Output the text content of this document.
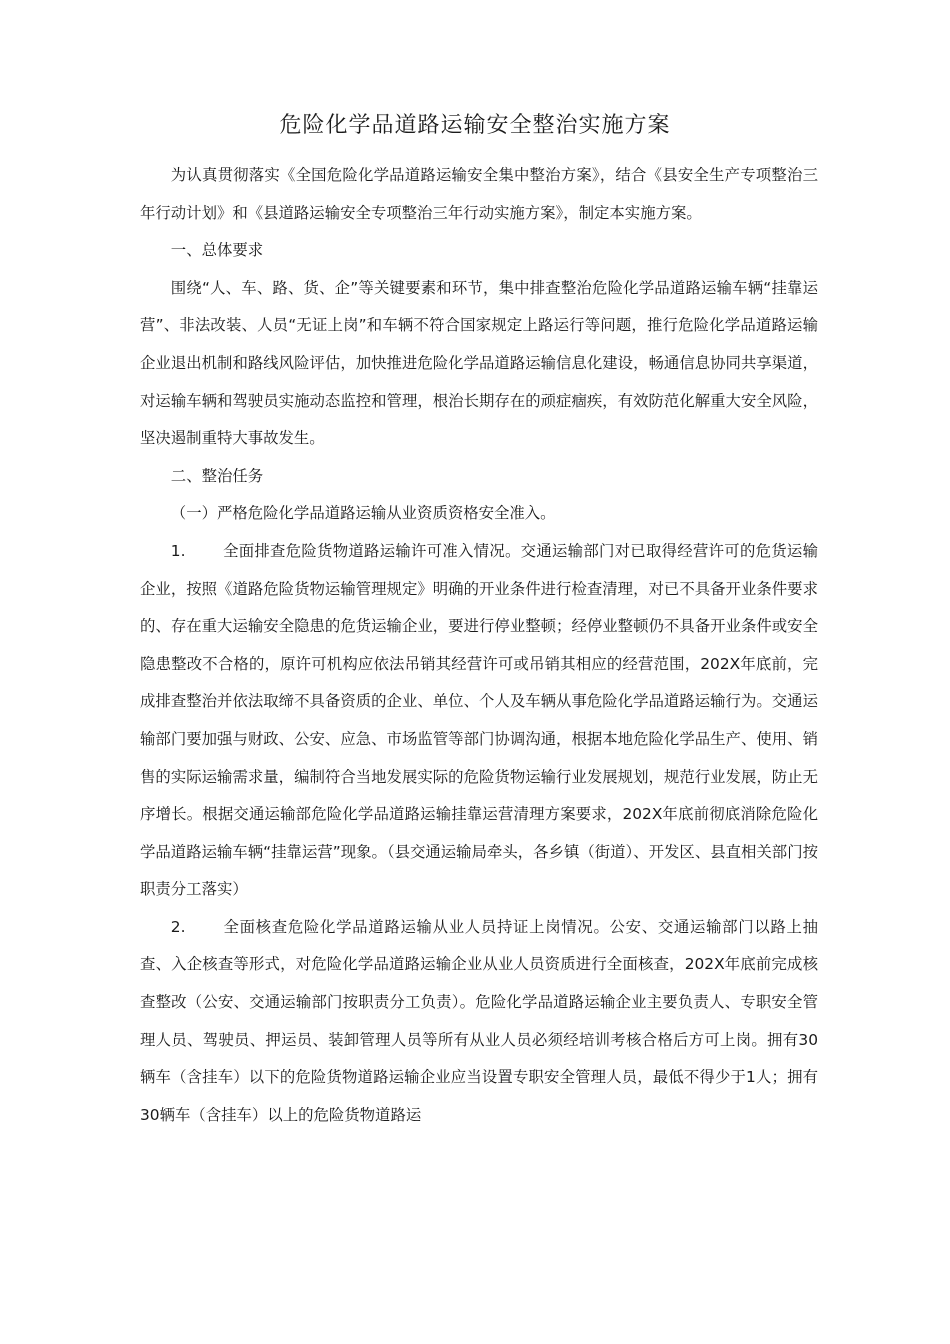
危险化学品道路运输安全整治实施方案

为认真贯彻落实《全国危险化学品道路运输安全集中整治方案》，结合《县安全生产专项整治三年行动计划》和《县道路运输安全专项整治三年行动实施方案》，制定本实施方案。

一、总体要求

围绕“人、车、路、货、企”等关键要素和环节，集中排查整治危险化学品道路运输车辆“挂靠运营”、非法改装、人员“无证上岗”和车辆不符合国家规定上路运行等问题，推行危险化学品道路运输企业退出机制和路线风险评估，加快推进危险化学品道路运输信息化建设，畅通信息协同共享渠道，对运输车辆和驾驶员实施动态监控和管理，根治长期存在的顽症痼疾，有效防范化解重大安全风险，坚决遏制重特大事故发生。

二、整治任务

（一）严格危险化学品道路运输从业资质资格安全准入。

1. 全面排查危险货物道路运输许可准入情况。交通运输部门对已取得经营许可的危货运输企业，按照《道路危险货物运输管理规定》明确的开业条件进行检查清理，对已不具备开业条件要求的、存在重大运输安全隐患的危货运输企业，要进行停业整顿；经停业整顿仍不具备开业条件或安全隐患整改不合格的，原许可机构应依法吊销其经营许可或吊销其相应的经营范围，202X年底前，完成排查整治并依法取缔不具备资质的企业、单位、个人及车辆从事危险化学品道路运输行为。交通运输部门要加强与财政、公安、应急、市场监管等部门协调沟通，根据本地危险化学品生产、使用、销售的实际运输需求量，编制符合当地发展实际的危险货物运输行业发展规划，规范行业发展，防止无序增长。根据交通运输部危险化学品道路运输挂靠运营清理方案要求，202X年底前彻底消除危险化学品道路运输车辆“挂靠运营”现象。（县交通运输局牵头，各乡镇（街道）、开发区、县直相关部门按职责分工落实）

2. 全面核查危险化学品道路运输从业人员持证上岗情况。公安、交通运输部门以路上抽查、入企核查等形式，对危险化学品道路运输企业从业人员资质进行全面核查，202X年底前完成核查整改（公安、交通运输部门按职责分工负责）。危险化学品道路运输企业主要负责人、专职安全管理人员、驾驶员、押运员、装卸管理人员等所有从业人员必须经培训考核合格后方可上岗。拥有30辆车（含挂车）以下的危险货物道路运输企业应当设置专职安全管理人员，最低不得少于1人；拥有30辆车（含挂车）以上的危险货物道路运
